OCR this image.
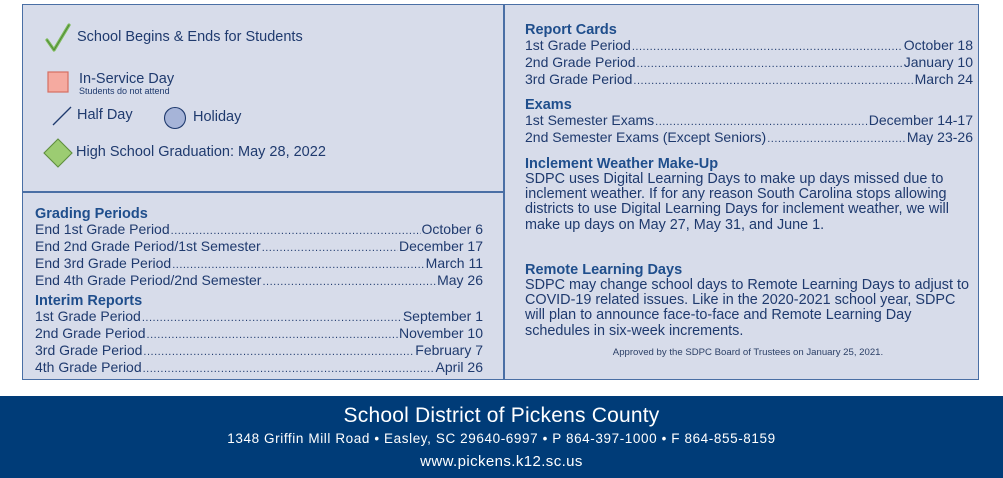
School Begins & Ends for Students
In-Service Day
Students do not attend
Half Day	Holiday
High School Graduation: May 28, 2022
Grading Periods
End 1st Grade Period .....	October 6
End 2nd Grade Period/1st Semester .....	December 17
End 3rd Grade Period .....	March 11
End 4th Grade Period/2nd Semester .....	May 26
Interim Reports
1st Grade Period .....	September 1
2nd Grade Period .....	November 10
3rd Grade Period .....	February 7
4th Grade Period .....	April 26
Report Cards
1st Grade Period .....	October 18
2nd Grade Period .....	January 10
3rd Grade Period .....	March 24
Exams
1st Semester Exams .....	December 14-17
2nd Semester Exams (Except Seniors) .....	May 23-26
Inclement Weather Make-Up

SDPC uses Digital Learning Days to make up days missed due to inclement weather. If for any reason South Carolina stops allowing districts to use Digital Learning Days for inclement weather, we will make up days on May 27, May 31, and June 1.

Remote Learning Days

SDPC may change school days to Remote Learning Days to adjust to COVID-19 related issues. Like in the 2020-2021 school year, SDPC will plan to announce face-to-face and Remote Learning Day schedules in six-week increments.

Approved by the SDPC Board of Trustees on January 25, 2021.
School District of Pickens County
1348 Griffin Mill Road • Easley, SC 29640-6997 • P 864-397-1000 • F 864-855-8159
www.pickens.k12.sc.us
